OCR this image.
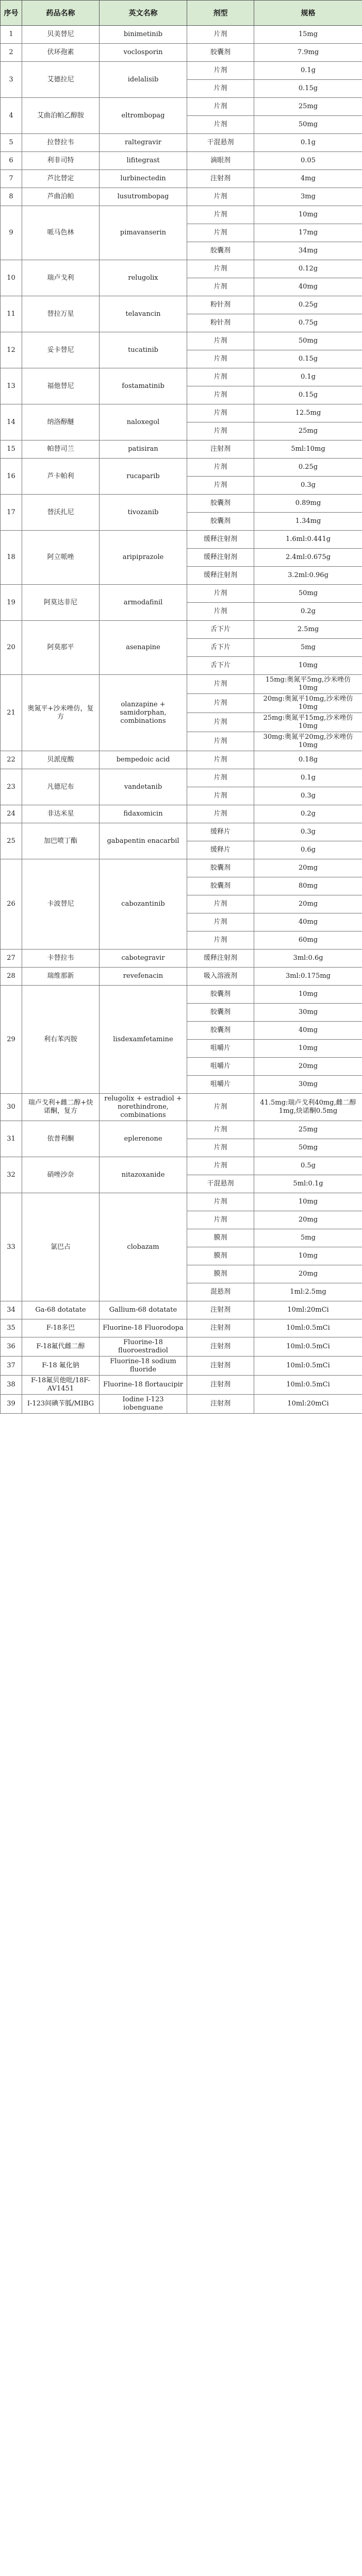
序号	药品名称	英文名称	剂型	规格
1	贝美替尼	binimetinib	片剂	15mg
2	伏环孢素	voclosporin	胶囊剂	7.9mg
3	艾德拉尼	idelalisib	片剂	0.1g
			片剂	0.15g
4	艾曲泊帕乙醇胺	eltrombopag	片剂	25mg
			片剂	50mg
5	拉替拉韦	raltegravir	干混悬剂	0.1g
6	利非司特	lifitegrast	滴眼剂	0.05
7	芦比替定	lurbinectedin	注射剂	4mg
8	芦曲泊帕	lusutrombopag	片剂	3mg
9	哌马色林	pimavanserin	片剂	10mg
			片剂	17mg
			胶囊剂	34mg
10	瑞卢戈利	relugolix	片剂	0.12g
			片剂	40mg
11	替拉万星	telavancin	粉针剂	0.25g
			粉针剂	0.75g
12	妥卡替尼	tucatinib	片剂	50mg
			片剂	0.15g
13	福他替尼	fostamatinib	片剂	0.1g
			片剂	0.15g
14	纳洛醇醚	naloxegol	片剂	12.5mg
			片剂	25mg
15	帕替司兰	patisiran	注射剂	5ml:10mg
16	芦卡帕利	rucaparib	片剂	0.25g
			片剂	0.3g
17	替沃扎尼	tivozanib	胶囊剂	0.89mg
			胶囊剂	1.34mg
18	阿立哌唑	aripiprazole	缓释注射剂	1.6ml:0.441g
			缓释注射剂	2.4ml:0.675g
			缓释注射剂	3.2ml:0.96g
19	阿莫达非尼	armodafinil	片剂	50mg
			片剂	0.2g
20	阿莫那平	asenapine	舌下片	2.5mg
			舌下片	5mg
			舌下片	10mg
21	奥氮平+沙米唑仿，复方	olanzapine + samidorphan, combinations	片剂	15mg:奥氮平5mg,沙米唑仿10mg
			片剂	20mg:奥氮平10mg,沙米唑仿10mg
			片剂	25mg:奥氮平15mg,沙米唑仿10mg
			片剂	30mg:奥氮平20mg,沙米唑仿10mg
22	贝派度酸	bempedoic acid	片剂	0.18g
23	凡德尼布	vandetanib	片剂	0.1g
			片剂	0.3g
24	非达米星	fidaxomicin	片剂	0.2g
25	加巴喷丁酯	gabapentin enacarbil	缓释片	0.3g
			缓释片	0.6g
26	卡波替尼	cabozantinib	胶囊剂	20mg
			胶囊剂	80mg
			片剂	20mg
			片剂	40mg
			片剂	60mg
27	卡替拉韦	cabotegravir	缓释注射剂	3ml:0.6g
28	瑞维那新	revefenacin	吸入溶液剂	3ml:0.175mg
29	利右苯丙胺	lisdexamfetamine	胶囊剂	10mg
			胶囊剂	30mg
			胶囊剂	40mg
			咀嚼片	10mg
			咀嚼片	20mg
			咀嚼片	30mg
30	瑞卢戈利+雌二醇+炔诺酮，复方	relugolix + estradiol + norethindrone, combinations	片剂	41.5mg:瑞卢戈利40mg,雌二醇1mg,炔诺酮0.5mg
31	依普利酮	eplerenone	片剂	25mg
			片剂	50mg
32	硝唑沙奈	nitazoxanide	片剂	0.5g
			干混悬剂	5ml:0.1g
33	氯巴占	clobazam	片剂	10mg
			片剂	20mg
			膜剂	5mg
			膜剂	10mg
			膜剂	20mg
			混悬剂	1ml:2.5mg
34	Ga-68 dotatate	Gallium-68 dotatate	注射剂	10ml:20mCi
35	F-18多巴	Fluorine-18 Fluorodopa	注射剂	10ml:0.5mCi
36	F-18氟代雌二醇	Fluorine-18 fluoroestradiol	注射剂	10ml:0.5mCi
37	F-18 氟化钠	Fluorine-18 sodium fluoride	注射剂	10ml:0.5mCi
38	F-18氟贝他吡/18F-AV1451	Fluorine-18 flortaucipir	注射剂	10ml:0.5mCi
39	I-123间碘苄胍/MIBG	Iodine I-123 iobenguane	注射剂	10ml:20mCi
